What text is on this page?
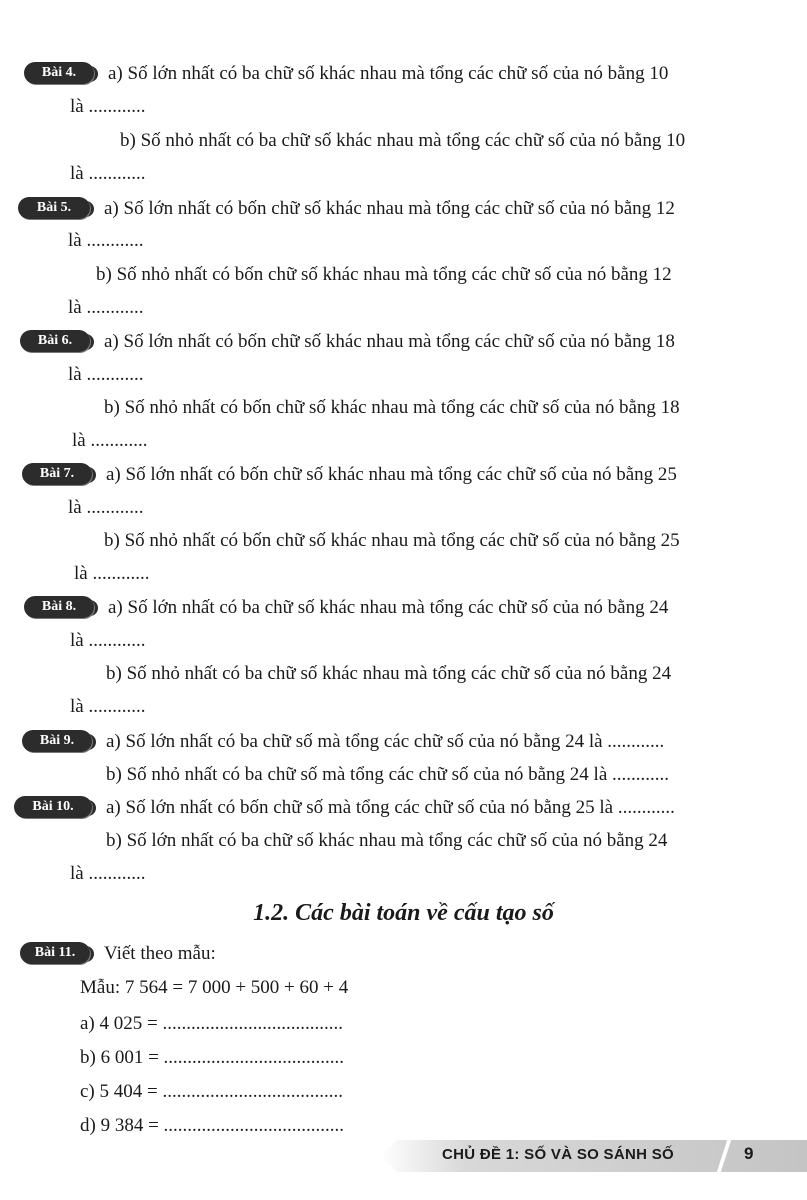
Bài 4.	a) Số lớn nhất có ba chữ số khác nhau mà tổng các chữ số của nó bằng 10
là ............
b) Số nhỏ nhất có ba chữ số khác nhau mà tổng các chữ số của nó bằng 10
là ............
Bài 5.	a) Số lớn nhất có bốn chữ số khác nhau mà tổng các chữ số của nó bằng 12
là ............
b) Số nhỏ nhất có bốn chữ số khác nhau mà tổng các chữ số của nó bằng 12
là ............
Bài 6.	a) Số lớn nhất có bốn chữ số khác nhau mà tổng các chữ số của nó bằng 18
là ............
b) Số nhỏ nhất có bốn chữ số khác nhau mà tổng các chữ số của nó bằng 18
là ............
Bài 7.	a) Số lớn nhất có bốn chữ số khác nhau mà tổng các chữ số của nó bằng 25
là ............
b) Số nhỏ nhất có bốn chữ số khác nhau mà tổng các chữ số của nó bằng 25
là ............
Bài 8.	a) Số lớn nhất có ba chữ số khác nhau mà tổng các chữ số của nó bằng 24
là ............
b) Số nhỏ nhất có ba chữ số khác nhau mà tổng các chữ số của nó bằng 24
là ............
Bài 9.	a) Số lớn nhất có ba chữ số mà tổng các chữ số của nó bằng 24 là ............
b) Số nhỏ nhất có ba chữ số mà tổng các chữ số của nó bằng 24 là ............
Bài 10.	a) Số lớn nhất có bốn chữ số mà tổng các chữ số của nó bằng 25 là ............
b) Số lớn nhất có ba chữ số khác nhau mà tổng các chữ số của nó bằng 24
là ............
1.2. Các bài toán về cấu tạo số
Bài 11.	Viết theo mẫu:
Mẫu: 7 564 = 7 000 + 500 + 60 + 4
a) 4 025 = ......................................
b) 6 001 = ......................................
c) 5 404 = ......................................
d) 9 384 = ......................................
CHỦ ĐỀ 1: SỐ VÀ SO SÁNH SỐ	9
